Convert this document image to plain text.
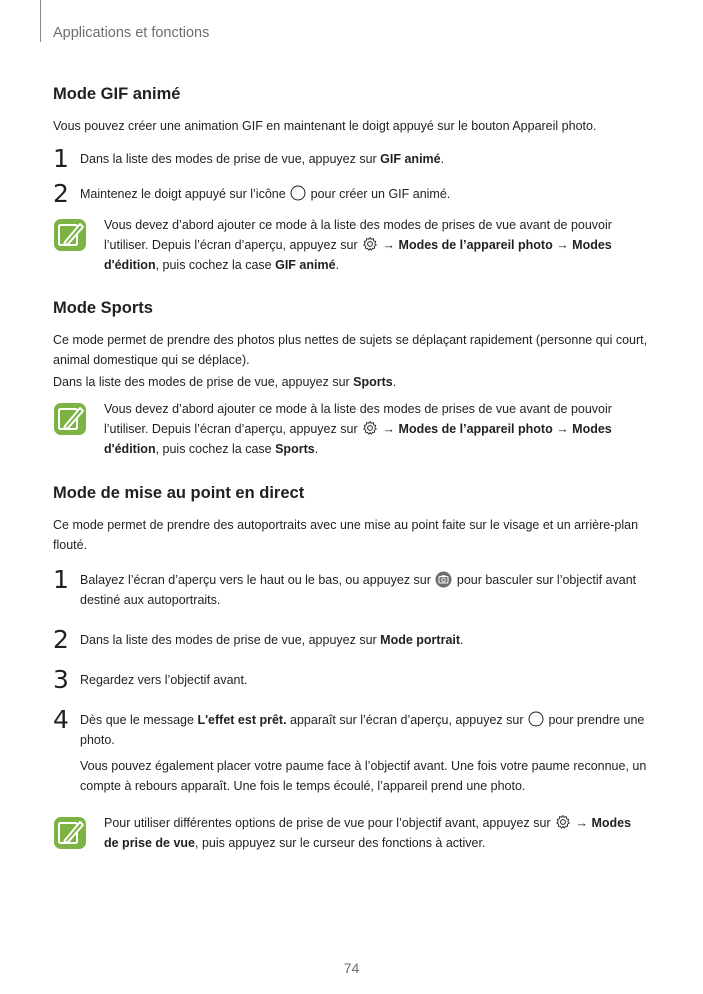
Applications et fonctions
Mode GIF animé

Vous pouvez créer une animation GIF en maintenant le doigt appuyé sur le bouton Appareil photo.

1 Dans la liste des modes de prise de vue, appuyez sur GIF animé.
2 Maintenez le doigt appuyé sur l’icône  pour créer un GIF animé.
Vous devez d’abord ajouter ce mode à la liste des modes de prises de vue avant de pouvoir l’utiliser. Depuis l’écran d’aperçu, appuyez sur  → Modes de l’appareil photo → Modes d'édition, puis cochez la case GIF animé.
Mode Sports

Ce mode permet de prendre des photos plus nettes de sujets se déplaçant rapidement (personne qui court, animal domestique qui se déplace).

Dans la liste des modes de prise de vue, appuyez sur Sports.

Vous devez d’abord ajouter ce mode à la liste des modes de prises de vue avant de pouvoir l’utiliser. Depuis l’écran d’aperçu, appuyez sur  → Modes de l’appareil photo → Modes d'édition, puis cochez la case Sports.
Mode de mise au point en direct

Ce mode permet de prendre des autoportraits avec une mise au point faite sur le visage et un arrière-plan flouté.

1 Balayez l’écran d’aperçu vers le haut ou le bas, ou appuyez sur  pour basculer sur l’objectif avant destiné aux autoportraits.
2 Dans la liste des modes de prise de vue, appuyez sur Mode portrait.
3 Regardez vers l’objectif avant.
4 Dès que le message L'effet est prêt. apparaît sur l’écran d’aperçu, appuyez sur  pour prendre une photo.

Vous pouvez également placer votre paume face à l’objectif avant. Une fois votre paume reconnue, un compte à rebours apparaît. Une fois le temps écoulé, l’appareil prend une photo.

Pour utiliser différentes options de prise de vue pour l’objectif avant, appuyez sur  → Modes de prise de vue, puis appuyez sur le curseur des fonctions à activer.
74
